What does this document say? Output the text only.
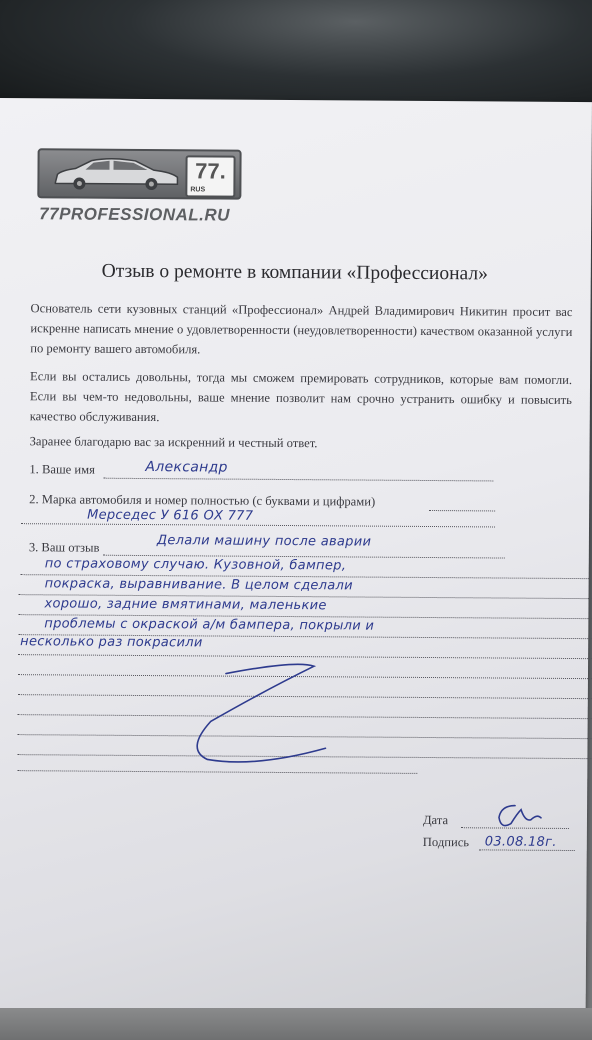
77.
RUS
77PROFESSIONAL.RU
Отзыв о ремонте в компании «Профессионал»
Основатель сети кузовных станций «Профессионал» Андрей Владимирович Никитин просит вас искренне написать мнение о удовлетворенности (неудовлетворенности) качеством оказанной услуги по ремонту вашего автомобиля.
Если вы остались довольны, тогда мы сможем премировать сотрудников, которые вам помогли. Если вы чем-то недовольны, ваше мнение позволит нам срочно устранить ошибку и повысить качество обслуживания.
Заранее благодарю вас за искренний и честный ответ.
1. Ваше имя	Александр
2. Марка автомобиля и номер полностью (с буквами и цифрами)
Мерседес У 616 ОХ 777
3. Ваш отзыв	Делали машину после аварии
по страховому случаю. Кузовной, бампер,
покраска, выравнивание. В целом сделали
хорошо, задние вмятинами, маленькие
проблемы с окраской а/м бампера, покрыли и
несколько раз покрасили
Дата
Подпись 03.08.18г.
